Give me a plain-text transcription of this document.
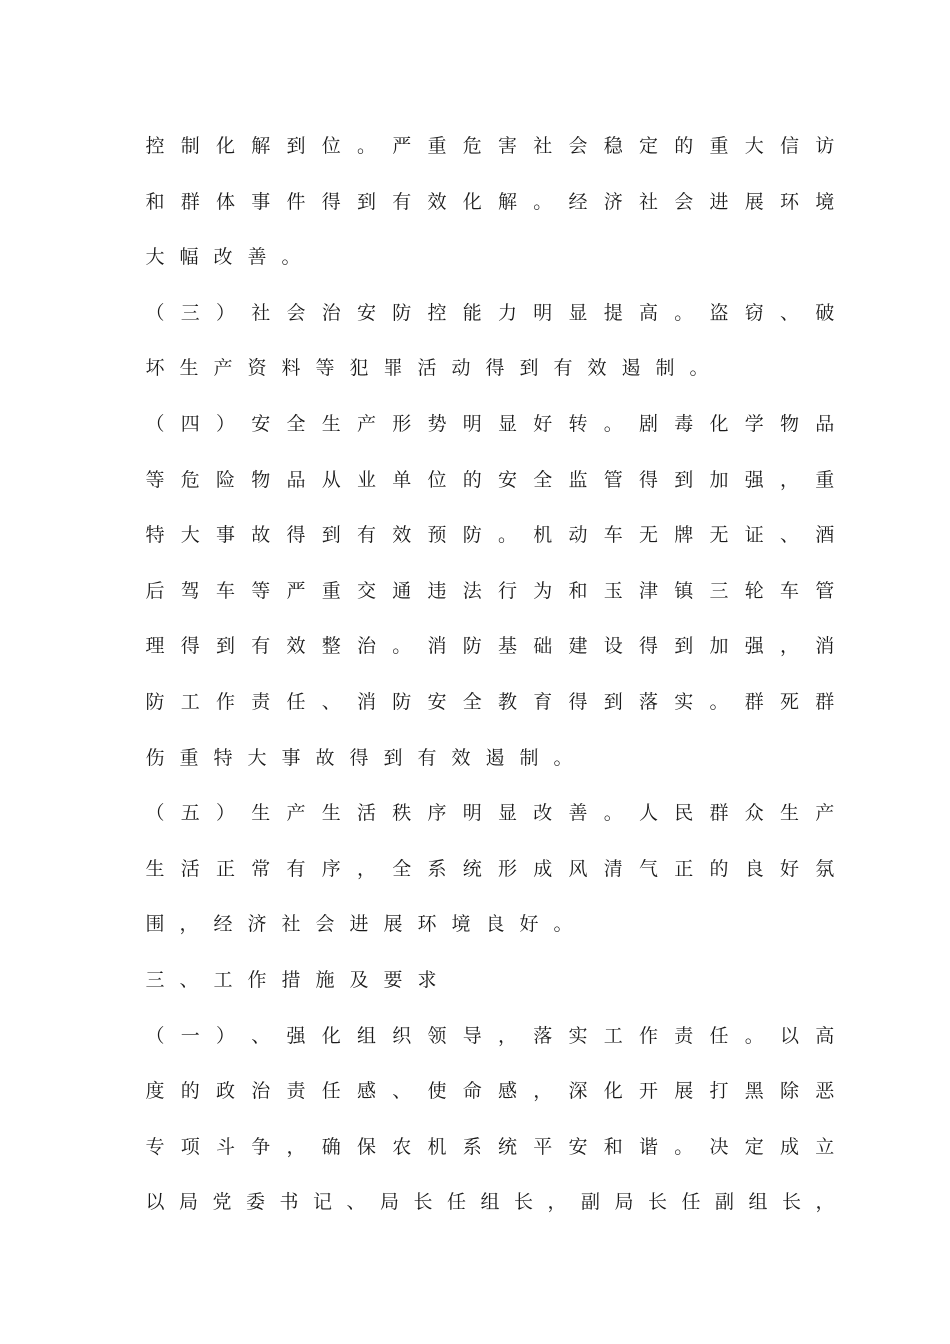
控 制 化 解 到 位 。 严 重 危 害 社 会 稳 定 的 重 大 信 访
和 群 体 事 件 得 到 有 效 化 解 。 经 济 社 会 进 展 环 境
大 幅 改 善 。
（ 三 ） 社 会 治 安 防 控 能 力 明 显 提 高 。 盗 窃 、 破
坏 生 产 资 料 等 犯 罪 活 动 得 到 有 效 遏 制 。
（ 四 ） 安 全 生 产 形 势 明 显 好 转 。 剧 毒 化 学 物 品
等 危 险 物 品 从 业 单 位 的 安 全 监 管 得 到 加 强 ， 重
特 大 事 故 得 到 有 效 预 防 。 机 动 车 无 牌 无 证 、 酒
后 驾 车 等 严 重 交 通 违 法 行 为 和 玉 津 镇 三 轮 车 管
理 得 到 有 效 整 治 。 消 防 基 础 建 设 得 到 加 强 ， 消
防 工 作 责 任 、 消 防 安 全 教 育 得 到 落 实 。 群 死 群
伤 重 特 大 事 故 得 到 有 效 遏 制 。
（ 五 ） 生 产 生 活 秩 序 明 显 改 善 。 人 民 群 众 生 产
生 活 正 常 有 序 ， 全 系 统 形 成 风 清 气 正 的 良 好 氛
围 ， 经 济 社 会 进 展 环 境 良 好 。
三 、 工 作 措 施 及 要 求
（ 一 ） 、 强 化 组 织 领 导 ， 落 实 工 作 责 任 。 以 高
度 的 政 治 责 任 感 、 使 命 感 ， 深 化 开 展 打 黑 除 恶
专 项 斗 争 ， 确 保 农 机 系 统 平 安 和 谐 。 决 定 成 立
以 局 党 委 书 记 、 局 长 任 组 长 ， 副 局 长 任 副 组 长 ，
